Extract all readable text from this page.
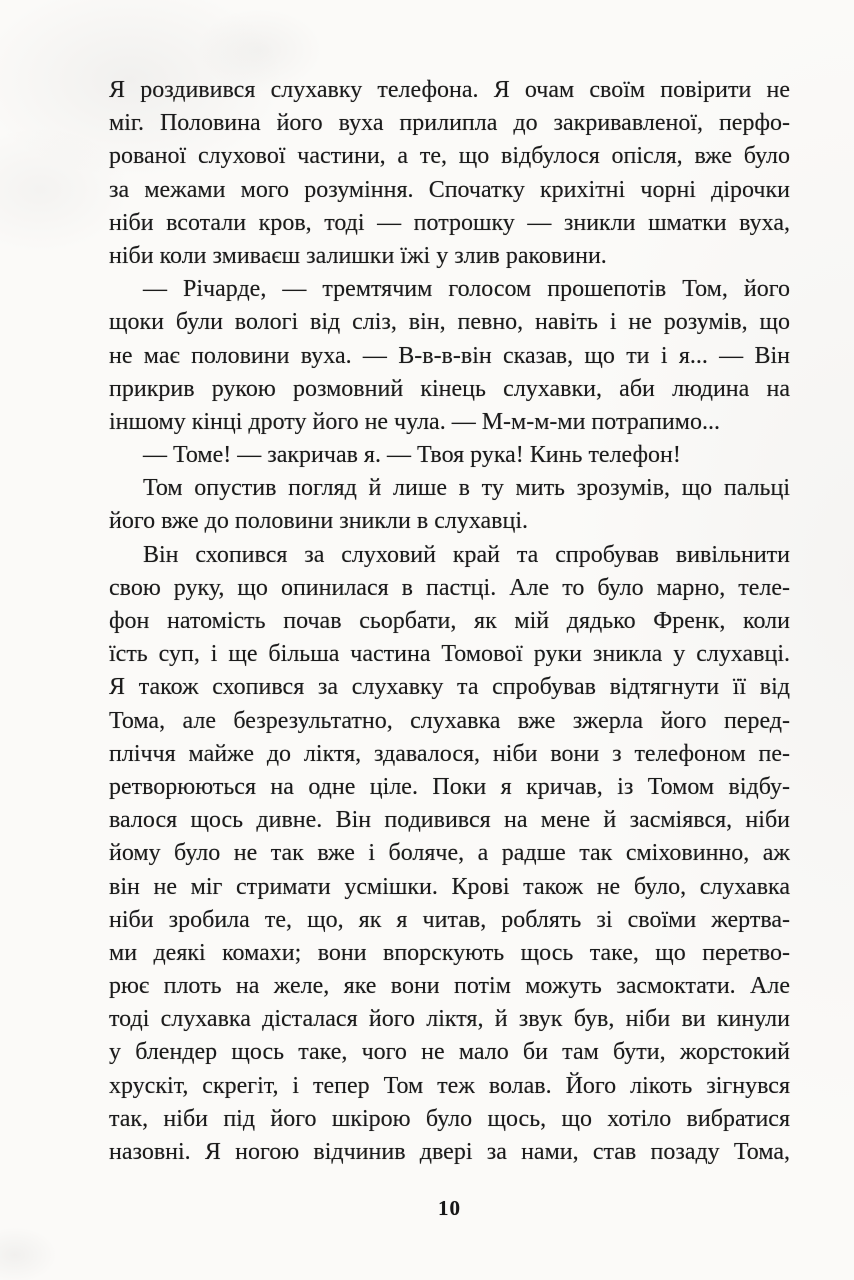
Я роздивився слухавку телефона. Я очам своїм повірити не
міг. Половина його вуха прилипла до закривавленої, перфо-
рованої слухової частини, а те, що відбулося опісля, вже було
за межами мого розуміння. Спочатку крихітні чорні дірочки
ніби всотали кров, тоді — потрошку — зникли шматки вуха,
ніби коли змиваєш залишки їжі у злив раковини.
— Річарде, — тремтячим голосом прошепотів Том, його
щоки були вологі від сліз, він, певно, навіть і не розумів, що
не має половини вуха. — В-в-в-він сказав, що ти і я... — Він
прикрив рукою розмовний кінець слухавки, аби людина на
іншому кінці дроту його не чула. — М-м-м-ми потрапимо...
— Томе! — закричав я. — Твоя рука! Кинь телефон!
Том опустив погляд й лише в ту мить зрозумів, що пальці
його вже до половини зникли в слухавці.
Він схопився за слуховий край та спробував вивільнити
свою руку, що опинилася в пастці. Але то було марно, теле-
фон натомість почав сьорбати, як мій дядько Френк, коли
їсть суп, і ще більша частина Томової руки зникла у слухавці.
Я також схопився за слухавку та спробував відтягнути її від
Тома, але безрезультатно, слухавка вже зжерла його перед-
пліччя майже до ліктя, здавалося, ніби вони з телефоном пе-
ретворюються на одне ціле. Поки я кричав, із Томом відбу-
валося щось дивне. Він подивився на мене й засміявся, ніби
йому було не так вже і боляче, а радше так сміховинно, аж
він не міг стримати усмішки. Крові також не було, слухавка
ніби зробила те, що, як я читав, роблять зі своїми жертва-
ми деякі комахи; вони впорскують щось таке, що перетво-
рює плоть на желе, яке вони потім можуть засмоктати. Але
тоді слухавка дісталася його ліктя, й звук був, ніби ви кинули
у блендер щось таке, чого не мало би там бути, жорстокий
хрускіт, скрегіт, і тепер Том теж волав. Його лікоть зігнувся
так, ніби під його шкірою було щось, що хотіло вибратися
назовні. Я ногою відчинив двері за нами, став позаду Тома,
10
